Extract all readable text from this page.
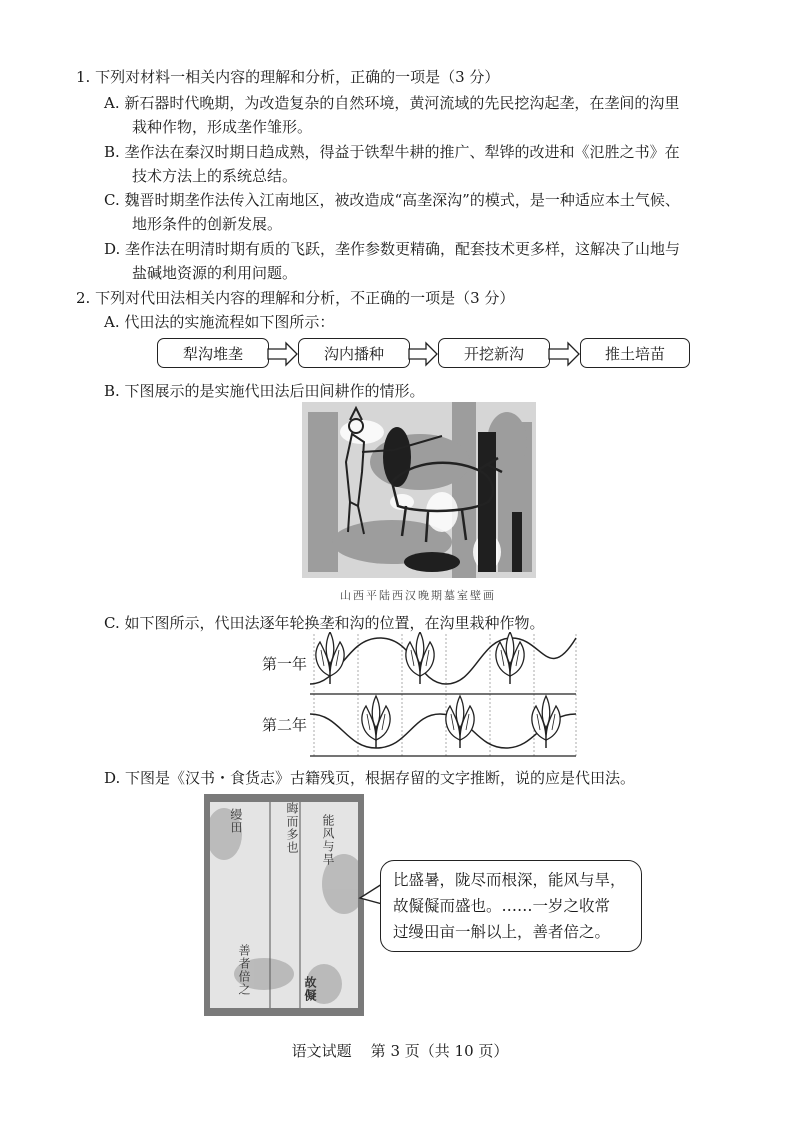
1. 下列对材料一相关内容的理解和分析，正确的一项是（3 分）
A. 新石器时代晚期，为改造复杂的自然环境，黄河流域的先民挖沟起垄，在垄间的沟里
栽种作物，形成垄作雏形。
B. 垄作法在秦汉时期日趋成熟，得益于铁犁牛耕的推广、犁铧的改进和《氾胜之书》在
技术方法上的系统总结。
C. 魏晋时期垄作法传入江南地区，被改造成“高垄深沟”的模式，是一种适应本土气候、
地形条件的创新发展。
D. 垄作法在明清时期有质的飞跃，垄作参数更精确，配套技术更多样，这解决了山地与
盐碱地资源的利用问题。
2. 下列对代田法相关内容的理解和分析，不正确的一项是（3 分）
A. 代田法的实施流程如下图所示：
犁沟堆垄	沟内播种	开挖新沟	推土培苗
B. 下图展示的是实施代田法后田间耕作的情形。
山西平陆西汉晚期墓室壁画
C. 如下图所示，代田法逐年轮换垄和沟的位置，在沟里栽种作物。
第一年
第二年
D. 下图是《汉书・食货志》古籍残页，根据存留的文字推断，说的应是代田法。
缦田	晦而多也 能风与旱
善者倍之	故儗
比盛暑，陇尽而根深，能风与旱，
故儗儗而盛也。……一岁之收常
过缦田亩一斛以上，善者倍之。
语文试题    第 3 页（共 10 页）
